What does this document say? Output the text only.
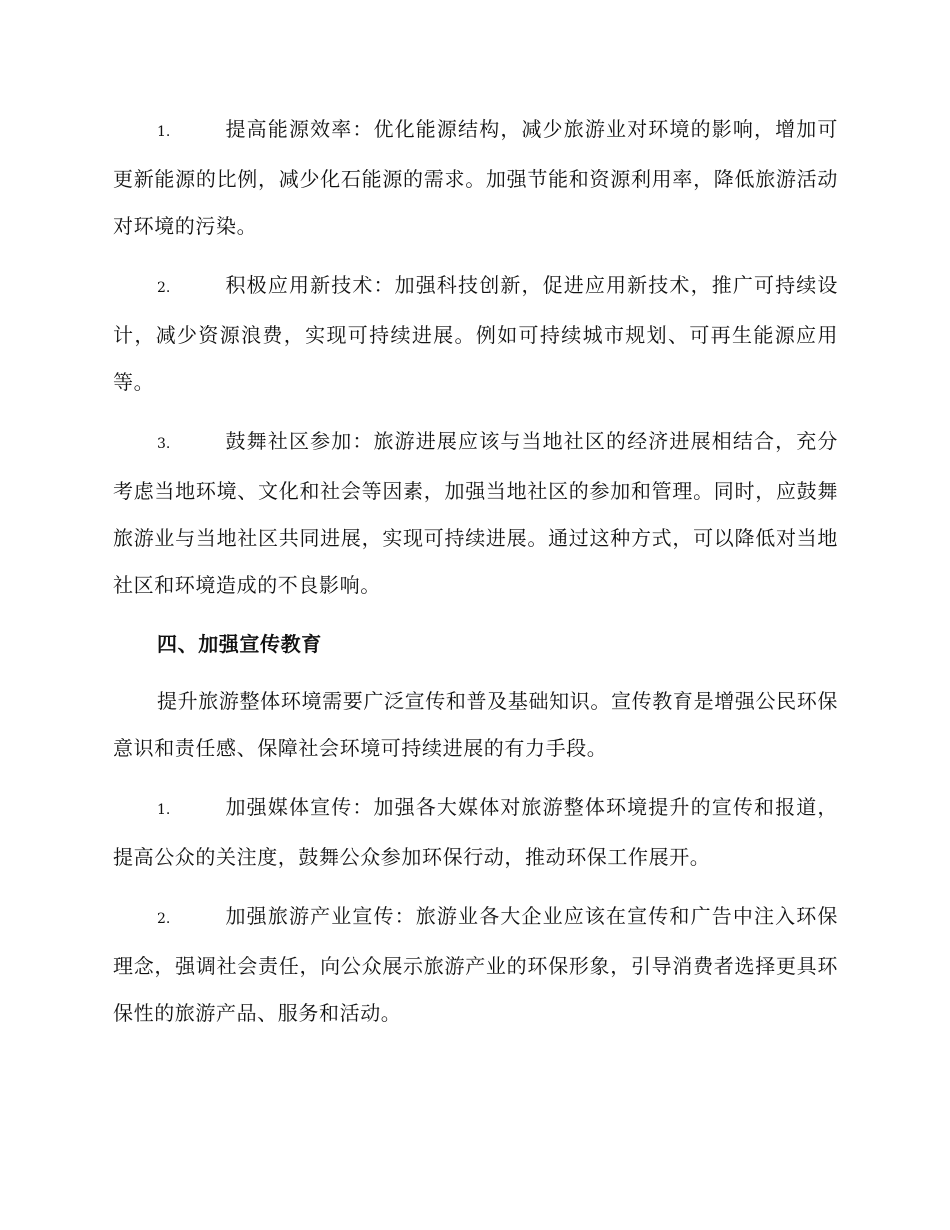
1.	提高能源效率：优化能源结构，减少旅游业对环境的影响，增加可更新能源的比例，减少化石能源的需求。加强节能和资源利用率，降低旅游活动对环境的污染。

2.	积极应用新技术：加强科技创新，促进应用新技术，推广可持续设计，减少资源浪费，实现可持续进展。例如可持续城市规划、可再生能源应用等。

3.	鼓舞社区参加：旅游进展应该与当地社区的经济进展相结合，充分考虑当地环境、文化和社会等因素，加强当地社区的参加和管理。同时，应鼓舞旅游业与当地社区共同进展，实现可持续进展。通过这种方式，可以降低对当地社区和环境造成的不良影响。

四、加强宣传教育

提升旅游整体环境需要广泛宣传和普及基础知识。宣传教育是增强公民环保意识和责任感、保障社会环境可持续进展的有力手段。

1.	加强媒体宣传：加强各大媒体对旅游整体环境提升的宣传和报道，提高公众的关注度，鼓舞公众参加环保行动，推动环保工作展开。

2.	加强旅游产业宣传：旅游业各大企业应该在宣传和广告中注入环保理念，强调社会责任，向公众展示旅游产业的环保形象，引导消费者选择更具环保性的旅游产品、服务和活动。
